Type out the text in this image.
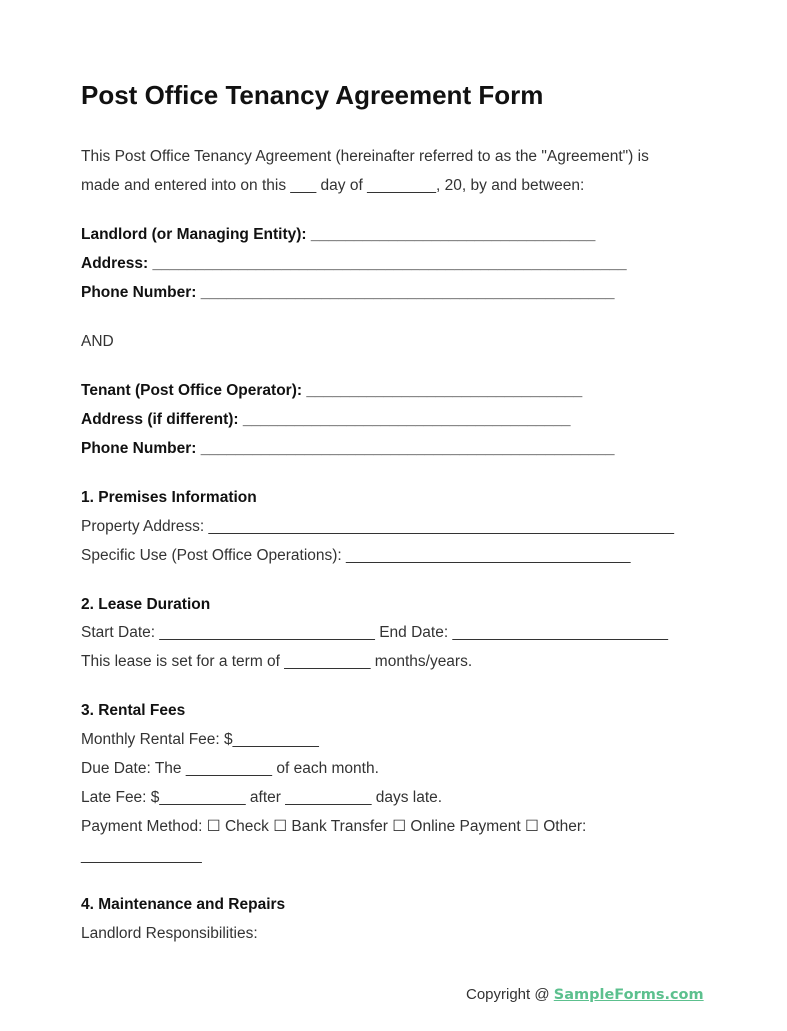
Post Office Tenancy Agreement Form
This Post Office Tenancy Agreement (hereinafter referred to as the "Agreement") is
made and entered into on this ___ day of ________, 20, by and between:
Landlord (or Managing Entity): _________________________________
Address: _______________________________________________________
Phone Number: ________________________________________________
AND
Tenant (Post Office Operator): ________________________________
Address (if different): ______________________________________
Phone Number: ________________________________________________
1. Premises Information
Property Address: ______________________________________________________
Specific Use (Post Office Operations): _________________________________
2. Lease Duration
Start Date: _________________________ End Date: _________________________
This lease is set for a term of __________ months/years.
3. Rental Fees
Monthly Rental Fee: $__________
Due Date: The __________ of each month.
Late Fee: $__________ after __________ days late.
Payment Method: ☐ Check ☐ Bank Transfer ☐ Online Payment ☐ Other:
______________
4. Maintenance and Repairs
Landlord Responsibilities:
Copyright @ SampleForms.com
